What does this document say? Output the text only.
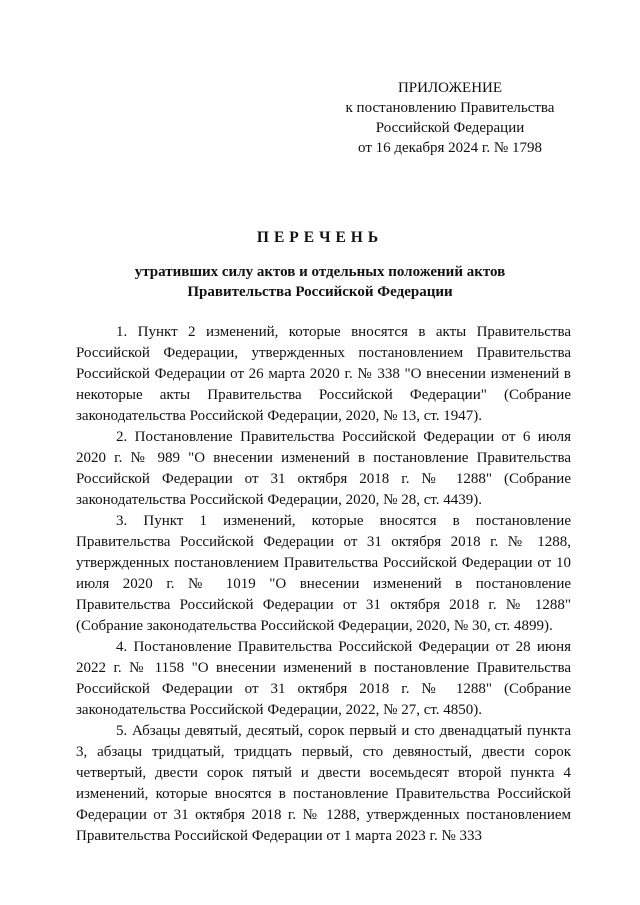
ПРИЛОЖЕНИЕ
к постановлению Правительства
Российской Федерации
от 16 декабря 2024 г. № 1798
ПЕРЕЧЕНЬ
утративших силу актов и отдельных положений актов
Правительства Российской Федерации

1. Пункт 2 изменений, которые вносятся в акты Правительства Российской Федерации, утвержденных постановлением Правительства Российской Федерации от 26 марта 2020 г. № 338 "О внесении изменений в некоторые акты Правительства Российской Федерации" (Собрание законодательства Российской Федерации, 2020, № 13, ст. 1947).

2. Постановление Правительства Российской Федерации от 6 июля 2020 г. № 989 "О внесении изменений в постановление Правительства Российской Федерации от 31 октября 2018 г. № 1288" (Собрание законодательства Российской Федерации, 2020, № 28, ст. 4439).

3. Пункт 1 изменений, которые вносятся в постановление Правительства Российской Федерации от 31 октября 2018 г. № 1288, утвержденных постановлением Правительства Российской Федерации от 10 июля 2020 г. № 1019 "О внесении изменений в постановление Правительства Российской Федерации от 31 октября 2018 г. № 1288" (Собрание законодательства Российской Федерации, 2020, № 30, ст. 4899).

4. Постановление Правительства Российской Федерации от 28 июня 2022 г. № 1158 "О внесении изменений в постановление Правительства Российской Федерации от 31 октября 2018 г. № 1288" (Собрание законодательства Российской Федерации, 2022, № 27, ст. 4850).

5. Абзацы девятый, десятый, сорок первый и сто двенадцатый пункта 3, абзацы тридцатый, тридцать первый, сто девяностый, двести сорок четвертый, двести сорок пятый и двести восемьдесят второй пункта 4 изменений, которые вносятся в постановление Правительства Российской Федерации от 31 октября 2018 г. № 1288, утвержденных постановлением Правительства Российской Федерации от 1 марта 2023 г. № 333
